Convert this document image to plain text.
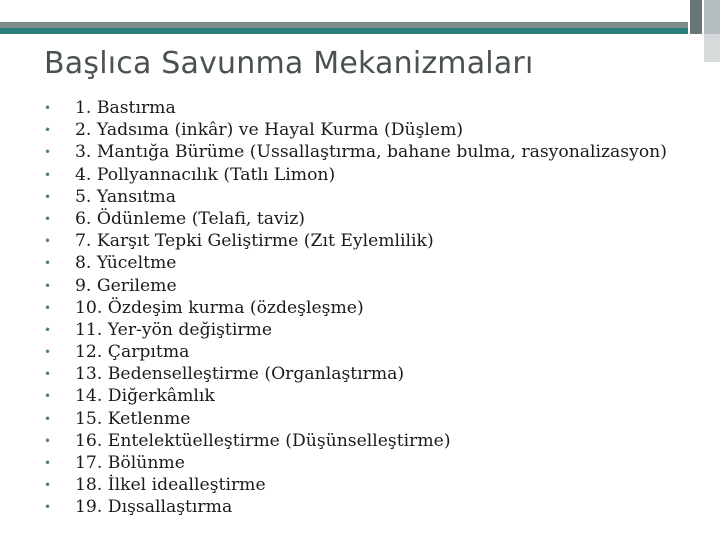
Başlıca Savunma Mekanizmaları
• 1. Bastırma
• 2. Yadsıma (inkâr) ve Hayal Kurma (Düşlem)
• 3. Mantığa Bürüme (Ussallaştırma, bahane bulma, rasyonalizasyon)
• 4. Pollyannacılık (Tatlı Limon)
• 5. Yansıtma
• 6. Ödünleme (Telafi, taviz)
• 7. Karşıt Tepki Geliştirme (Zıt Eylemlilik)
• 8. Yüceltme
• 9. Gerileme
• 10. Özdeşim kurma (özdeşleşme)
• 11. Yer-yön değiştirme
• 12. Çarpıtma
• 13. Bedenselleştirme (Organlaştırma)
• 14. Diğerkâmlık
• 15. Ketlenme
• 16. Entelektüelleştirme (Düşünselleştirme)
• 17. Bölünme
• 18. İlkel idealleştirme
• 19. Dışsallaştırma
